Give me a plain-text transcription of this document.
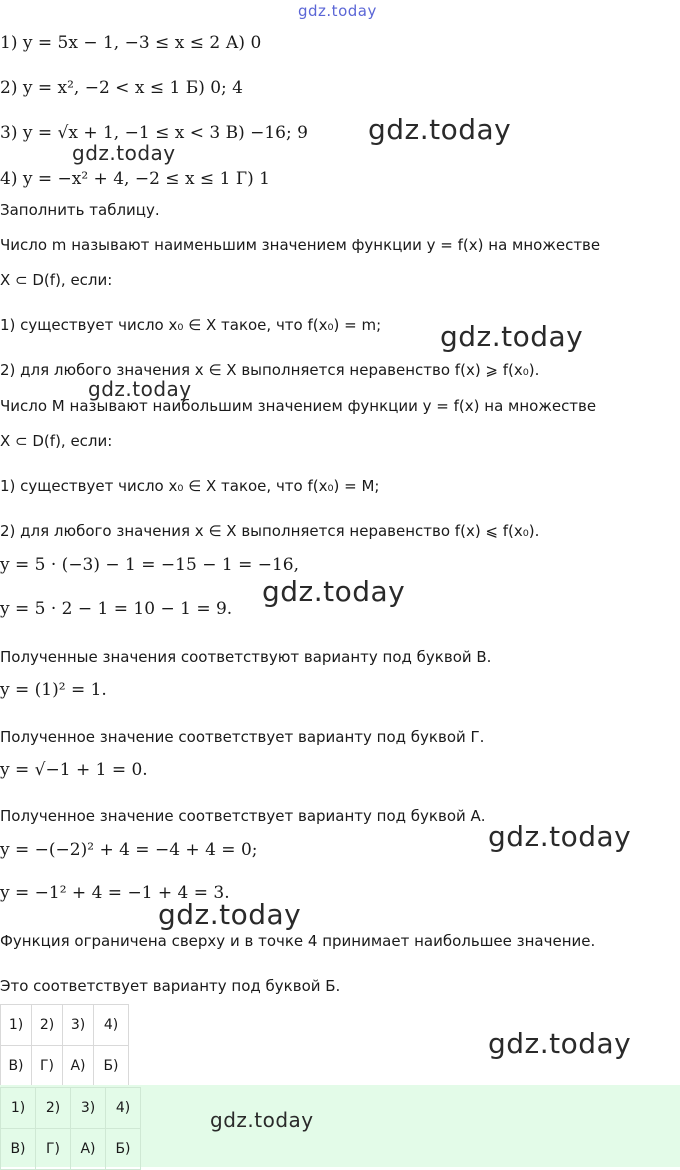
gdz.today
1) y = 5x − 1, −3 ≤ x ≤ 2 А) 0
2) y = x², −2 < x ≤ 1 Б) 0; 4
3) y = √x + 1, −1 ≤ x < 3 В) −16; 9 gdz.today
gdz.today
4) y = −x² + 4, −2 ≤ x ≤ 1 Г) 1
Заполнить таблицу.
Число m называют наименьшим значением функции y = f(x) на множестве
X ⊂ D(f), если:
1) существует число x₀ ∈ X такое, что f(x₀) = m; gdz.today
2) для любого значения x ∈ X выполняется неравенство f(x) ⩾ f(x₀).
gdz.today
Число M называют наибольшим значением функции y = f(x) на множестве
X ⊂ D(f), если:
1) существует число x₀ ∈ X такое, что f(x₀) = M;
2) для любого значения x ∈ X выполняется неравенство f(x) ⩽ f(x₀).
y = 5 · (−3) − 1 = −15 − 1 = −16,
gdz.today
y = 5 · 2 − 1 = 10 − 1 = 9.
Полученные значения соответствуют варианту под буквой В.
y = (1)² = 1.
Полученное значение соответствует варианту под буквой Г.
y = √−1 + 1 = 0.
Полученное значение соответствует варианту под буквой А.
gdz.today
y = −(−2)² + 4 = −4 + 4 = 0;
y = −1² + 4 = −1 + 4 = 3.
gdz.today
Функция ограничена сверху и в точке 4 принимает наибольшее значение.
Это соответствует варианту под буквой Б.
1)	2)	3)	4)
В)	Г)	А)	Б)
gdz.today
1)	2)	3)	4)
В)	Г)	А)	Б)
gdz.today
